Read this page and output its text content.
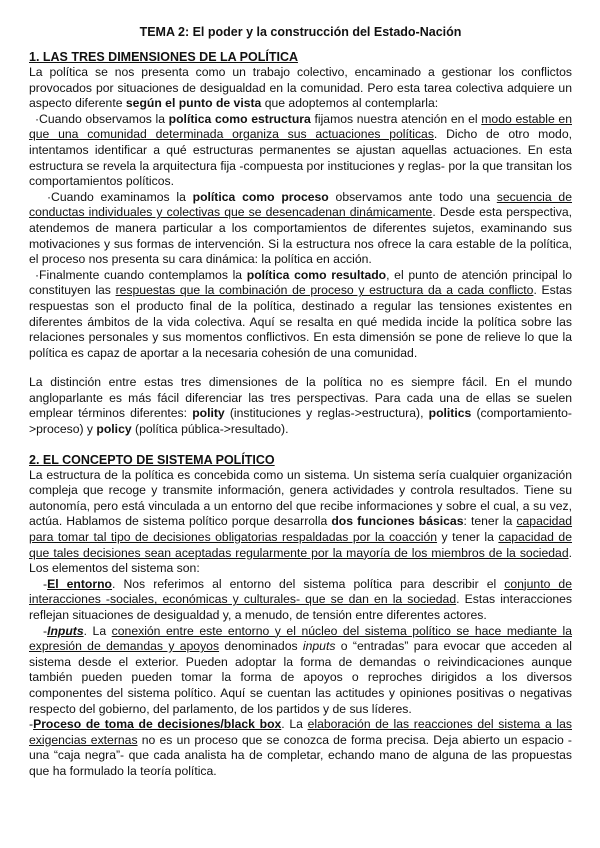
TEMA 2: El poder y la construcción del Estado-Nación
1. LAS TRES DIMENSIONES DE LA POLÍTICA

La política se nos presenta como un trabajo colectivo, encaminado a gestionar los conflictos provocados por situaciones de desigualdad en la comunidad. Pero esta tarea colectiva adquiere un aspecto diferente según el punto de vista que adoptemos al contemplarla:

·Cuando observamos la política como estructura fijamos nuestra atención en el modo estable en que una comunidad determinada organiza sus actuaciones políticas. Dicho de otro modo, intentamos identificar a qué estructuras permanentes se ajustan aquellas actuaciones. En esta estructura se revela la arquitectura fija -compuesta por instituciones y reglas- por la que transitan los comportamientos políticos.

·Cuando examinamos la política como proceso observamos ante todo una secuencia de conductas individuales y colectivas que se desencadenan dinámicamente. Desde esta perspectiva, atendemos de manera particular a los comportamientos de diferentes sujetos, examinando sus motivaciones y sus formas de intervención. Si la estructura nos ofrece la cara estable de la política, el proceso nos presenta su cara dinámica: la política en acción.

·Finalmente cuando contemplamos la política como resultado, el punto de atención principal lo constituyen las respuestas que la combinación de proceso y estructura da a cada conflicto. Estas respuestas son el producto final de la política, destinado a regular las tensiones existentes en diferentes ámbitos de la vida colectiva. Aquí se resalta en qué medida incide la política sobre las relaciones personales y sus momentos conflictivos. En esta dimensión se pone de relieve lo que la política es capaz de aportar a la necesaria cohesión de una comunidad.

La distinción entre estas tres dimensiones de la política no es siempre fácil. En el mundo angloparlante es más fácil diferenciar las tres perspectivas. Para cada una de ellas se suelen emplear términos diferentes: polity (instituciones y reglas->estructura), politics (comportamiento->proceso) y policy (política pública->resultado).

2. EL CONCEPTO DE SISTEMA POLÍTICO

La estructura de la política es concebida como un sistema. Un sistema sería cualquier organización compleja que recoge y transmite información, genera actividades y controla resultados. Tiene su autonomía, pero está vinculada a un entorno del que recibe informaciones y sobre el cual, a su vez, actúa. Hablamos de sistema político porque desarrolla dos funciones básicas: tener la capacidad para tomar tal tipo de decisiones obligatorias respaldadas por la coacción y tener la capacidad de que tales decisiones sean aceptadas regularmente por la mayoría de los miembros de la sociedad. Los elementos del sistema son:

-El entorno. Nos referimos al entorno del sistema política para describir el conjunto de interacciones -sociales, económicas y culturales- que se dan en la sociedad. Estas interacciones reflejan situaciones de desigualdad y, a menudo, de tensión entre diferentes actores.

-Inputs. La conexión entre este entorno y el núcleo del sistema político se hace mediante la expresión de demandas y apoyos denominados inputs o “entradas” para evocar que acceden al sistema desde el exterior. Pueden adoptar la forma de demandas o reivindicaciones aunque también pueden pueden tomar la forma de apoyos o reproches dirigidos a los diversos componentes del sistema político. Aquí se cuentan las actitudes y opiniones positivas o negativas respecto del gobierno, del parlamento, de los partidos y de sus líderes.

-Proceso de toma de decisiones/black box. La elaboración de las reacciones del sistema a las exigencias externas no es un proceso que se conozca de forma precisa. Deja abierto un espacio -una “caja negra”- que cada analista ha de completar, echando mano de alguna de las propuestas que ha formulado la teoría política.
